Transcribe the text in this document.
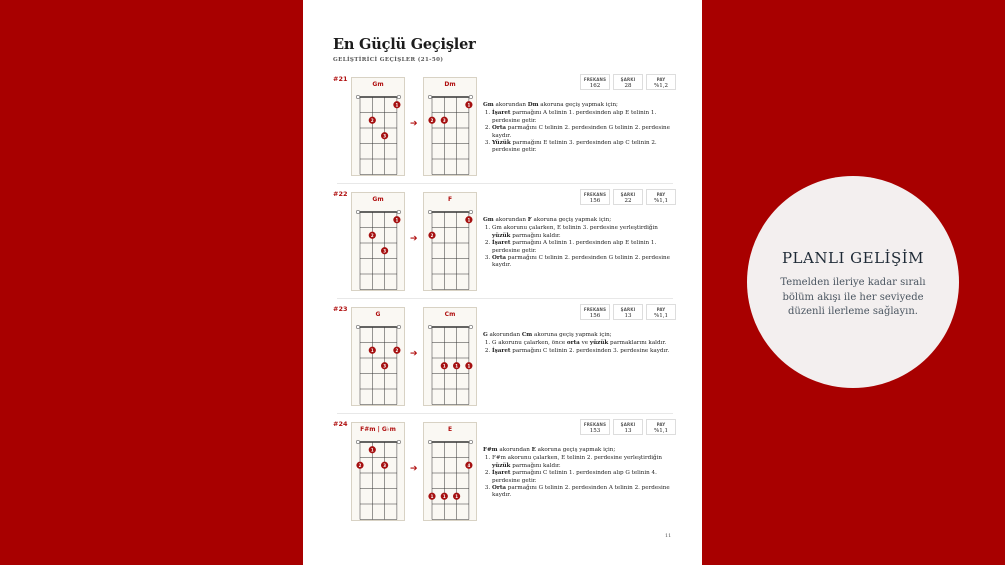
En Güçlü Geçişler
GELİŞTİRİCİ GEÇİŞLER (21-50)
#21
Gm
1
2
3
➔
Dm
1
2 3
FREKANS
162
ŞARKI
28
PAY
%1,2
Gm akorundan Dm akoruna geçiş yapmak için;
1. İşaret parmağını A telinin 1. perdesinden alıp E telinin 1. perdesine getir.
2. Orta parmağını C telinin 2. perdesinden G telinin 2. perdesine kaydır.
3. Yüzük parmağını E telinin 3. perdesinden alıp C telinin 2. perdesine getir.
#22
Gm
1
2
3
➔
F
1
2
FREKANS
156
ŞARKI
22
PAY
%1,1
Gm akorundan F akoruna geçiş yapmak için;
1. Gm akorunu çalarken, E telinin 3. perdesine yerleştirdiğin yüzük parmağını kaldır.
2. İşaret parmağını A telinin 1. perdesinden alıp E telinin 1. perdesine getir.
3. Orta parmağını C telinin 2. perdesinden G telinin 2. perdesine kaydır.
#23
G
1	2
3
➔
Cm
1 1 1
FREKANS
156
ŞARKI
13
PAY
%1,1
G akorundan Cm akoruna geçiş yapmak için;
1. G akorunu çalarken, önce orta ve yüzük parmaklarını kaldır.
2. İşaret parmağını C telinin 2. perdesinden 3. perdesine kaydır.
#24
F#m | G♭m
1
2	3	➔
E
4
1 1 1
FREKANS
153
ŞARKI
13
PAY
%1,1
F#m akorundan E akoruna geçiş yapmak için;
1. F#m akorunu çalarken, E telinin 2. perdesine yerleştirdiğin yüzük parmağını kaldır.
2. İşaret parmağını C telinin 1. perdesinden alıp G telinin 4. perdesine getir.
3. Orta parmağını G telinin 2. perdesinden A telinin 2. perdesine kaydır.
11
PLANLI GELİŞİM
Temelden ileriye kadar sıralı bölüm akışı ile her seviyede düzenli ilerleme sağlayın.
